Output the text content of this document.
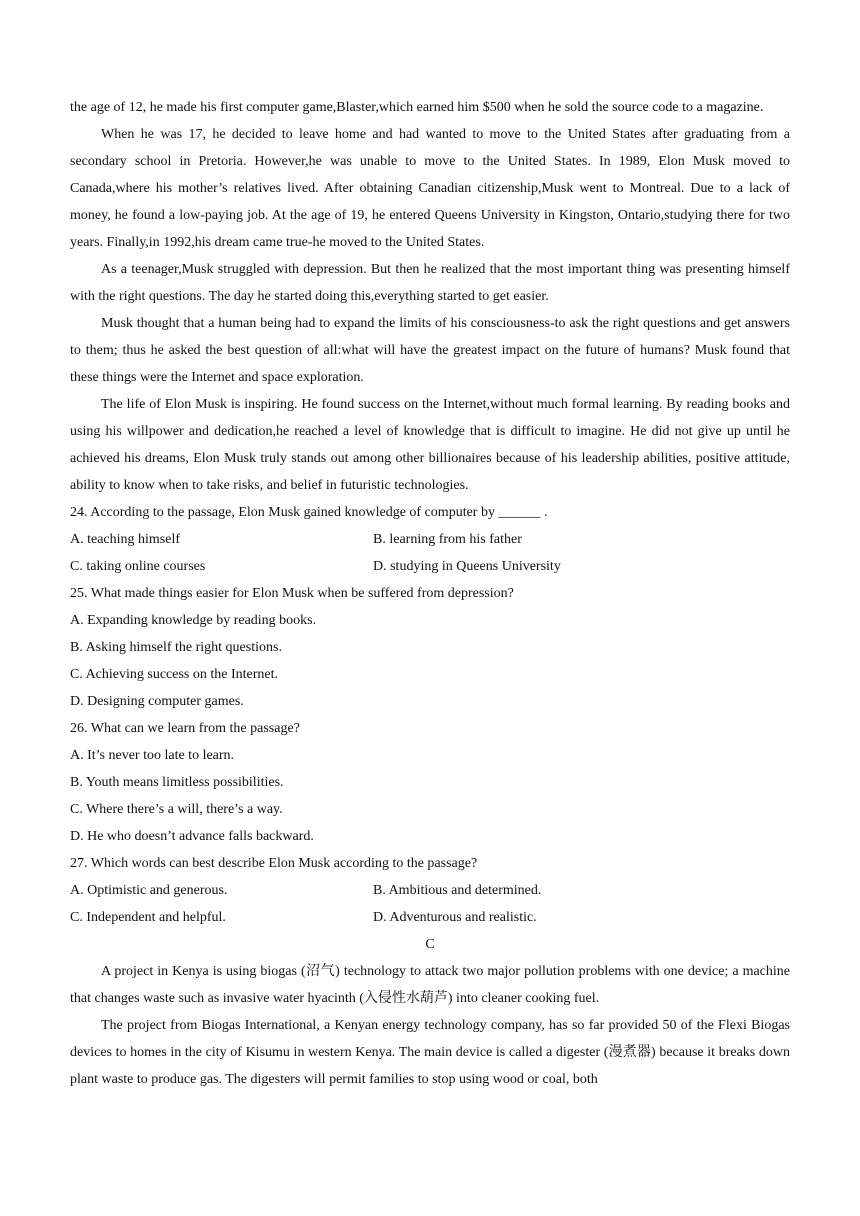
the age of 12, he made his first computer game,Blaster,which earned him $500 when he sold the source code to a magazine.

When he was 17, he decided to leave home and had wanted to move to the United States after graduating from a secondary school in Pretoria. However,he was unable to move to the United States. In 1989, Elon Musk moved to Canada,where his mother’s relatives lived. After obtaining Canadian citizenship,Musk went to Montreal. Due to a lack of money, he found a low-paying job. At the age of 19, he entered Queens University in Kingston, Ontario,studying there for two years. Finally,in 1992,his dream came true-he moved to the United States.

As a teenager,Musk struggled with depression. But then he realized that the most important thing was presenting himself with the right questions. The day he started doing this,everything started to get easier.

Musk thought that a human being had to expand the limits of his consciousness-to ask the right questions and get answers to them; thus he asked the best question of all:what will have the greatest impact on the future of humans? Musk found that these things were the Internet and space exploration.

The life of Elon Musk is inspiring. He found success on the Internet,without much formal learning. By reading books and using his willpower and dedication,he reached a level of knowledge that is difficult to imagine. He did not give up until he achieved his dreams, Elon Musk truly stands out among other billionaires because of his leadership abilities, positive attitude, ability to know when to take risks, and belief in futuristic technologies.

24. According to the passage, Elon Musk gained knowledge of computer by ______ .

A. teaching himself	B. learning from his father
C. taking online courses	D. studying in Queens University

25. What made things easier for Elon Musk when be suffered from depression?

A. Expanding knowledge by reading books.

B. Asking himself the right questions.

C. Achieving success on the Internet.

D. Designing computer games.

26. What can we learn from the passage?

A. It’s never too late to learn.

B. Youth means limitless possibilities.

C. Where there’s a will, there’s a way.

D. He who doesn’t advance falls backward.

27. Which words can best describe Elon Musk according to the passage?

A. Optimistic and generous.	B. Ambitious and determined.
C. Independent and helpful.	D. Adventurous and realistic.

C

A project in Kenya is using biogas (沼气) technology to attack two major pollution problems with one device; a machine that changes waste such as invasive water hyacinth (入侵性水葫芦) into cleaner cooking fuel.

The project from Biogas International, a Kenyan energy technology company, has so far provided 50 of the Flexi Biogas devices to homes in the city of Kisumu in western Kenya. The main device is called a digester (漫煮器) because it breaks down plant waste to produce gas. The digesters will permit families to stop using wood or coal, both
